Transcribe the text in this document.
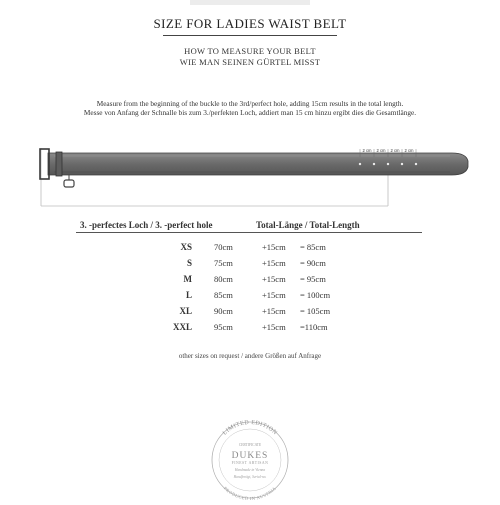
SIZE FOR LADIES WAIST BELT
HOW TO MEASURE YOUR BELT
WIE MAN SEINEN GÜRTEL MISST
Measure from the beginning of the buckle to the 3rd/perfect hole, adding 15cm results in the total length.
Messe von Anfang der Schnalle bis zum 3./perfekten Loch, addiert man 15 cm hinzu ergibt dies die Gesamtlänge.
2 cm 2 cm 2 cm 2 cm
3. -perfectes Loch / 3. -perfect hole	Total-Länge / Total-Length
XS	70cm	+15cm = 85cm
S	75cm	+15cm = 90cm
M	80cm	+15cm = 95cm
L	85cm	+15cm = 100cm
XL	90cm	+15cm = 105cm
XXL	95cm	+15cm =110cm
other sizes on request / andere Größen auf Anfrage
LIMITED EDITION
CERTIFICATE
DUKES
FINEST ARTISAN
Handmade in Vienna
Handfertigt, Serial-no.
PRODUCED IN AUSTRIA
